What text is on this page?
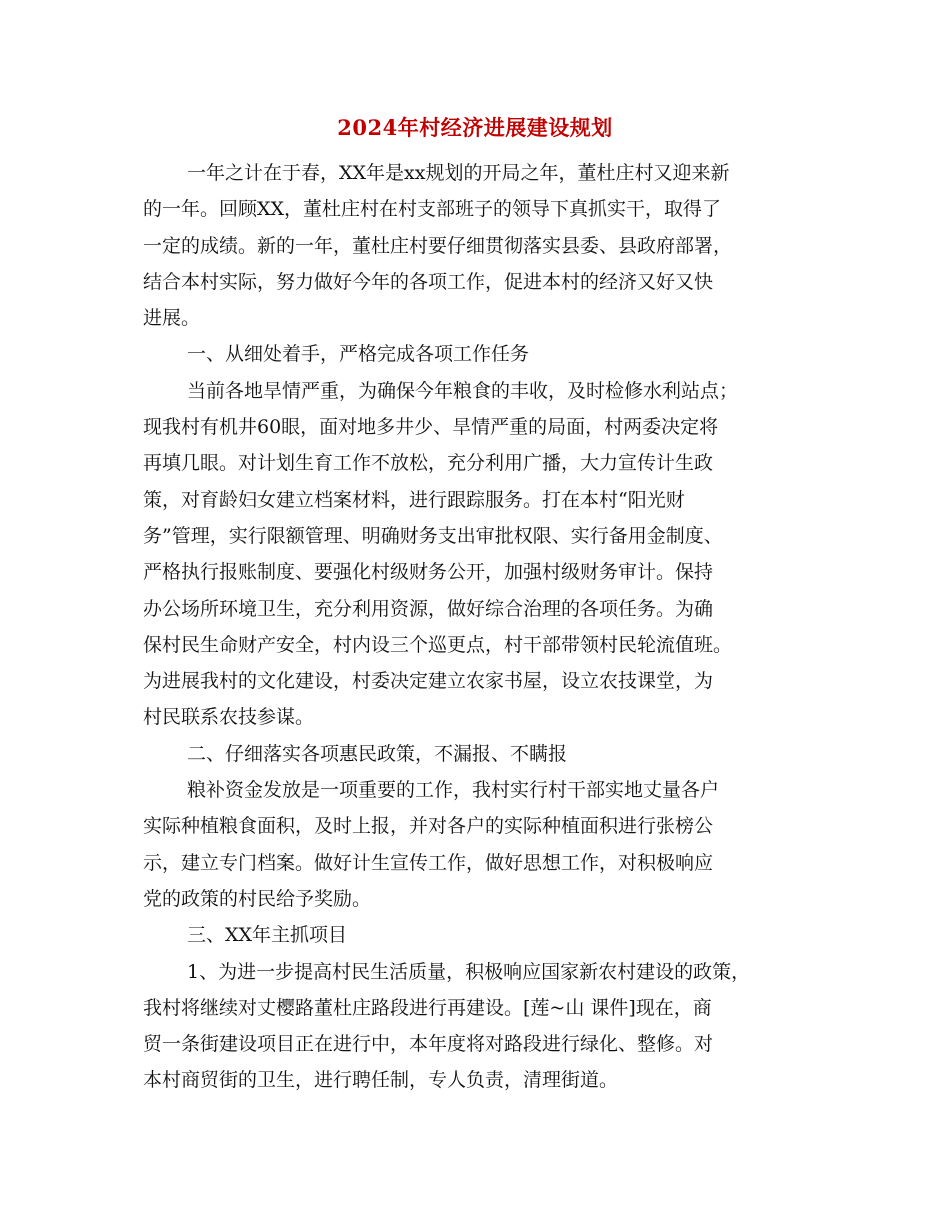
2024年村经济进展建设规划
一年之计在于春，XX年是xx规划的开局之年，董杜庄村又迎来新
的一年。回顾XX，董杜庄村在村支部班子的领导下真抓实干，取得了
一定的成绩。新的一年，董杜庄村要仔细贯彻落实县委、县政府部署，
结合本村实际，努力做好今年的各项工作，促进本村的经济又好又快
进展。
一、从细处着手，严格完成各项工作任务
当前各地旱情严重，为确保今年粮食的丰收，及时检修水利站点；
现我村有机井60眼，面对地多井少、旱情严重的局面，村两委决定将
再填几眼。对计划生育工作不放松，充分利用广播，大力宣传计生政
策，对育龄妇女建立档案材料，进行跟踪服务。打在本村“阳光财
务”管理，实行限额管理、明确财务支出审批权限、实行备用金制度、
严格执行报账制度、要强化村级财务公开，加强村级财务审计。保持
办公场所环境卫生，充分利用资源，做好综合治理的各项任务。为确
保村民生命财产安全，村内设三个巡更点，村干部带领村民轮流值班。
为进展我村的文化建设，村委决定建立农家书屋，设立农技课堂，为
村民联系农技参谋。
二、仔细落实各项惠民政策，不漏报、不瞒报
粮补资金发放是一项重要的工作，我村实行村干部实地丈量各户
实际种植粮食面积，及时上报，并对各户的实际种植面积进行张榜公
示，建立专门档案。做好计生宣传工作，做好思想工作，对积极响应
党的政策的村民给予奖励。
三、XX年主抓项目
1、为进一步提高村民生活质量，积极响应国家新农村建设的政策，
我村将继续对丈樱路董杜庄路段进行再建设。[莲~山 课件]现在，商
贸一条街建设项目正在进行中，本年度将对路段进行绿化、整修。对
本村商贸街的卫生，进行聘任制，专人负责，清理街道。
